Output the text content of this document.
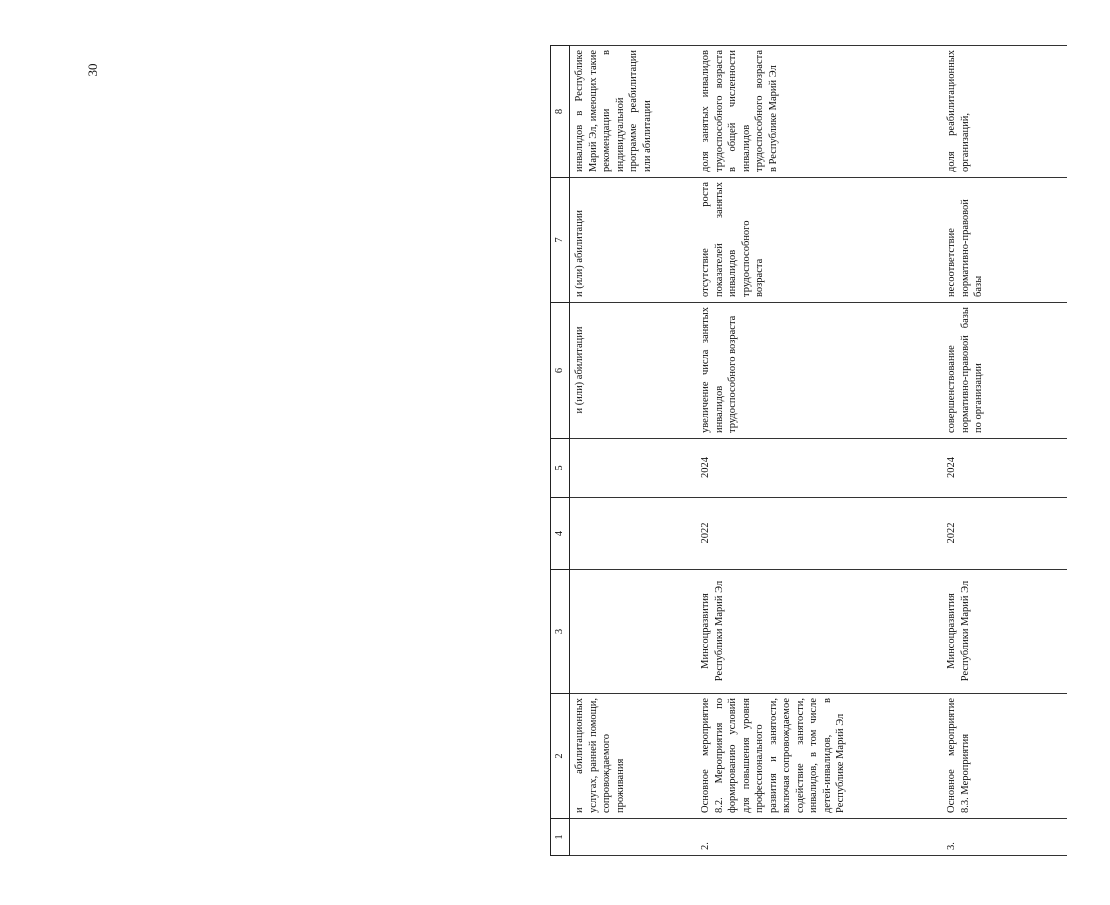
30
1	2	3	4	5	6	7	8
	и абилитационных услугах, ранней помощи, сопровождаемого проживания				и (или) абилитации	и (или) абилитации	инвалидов в Республике Марий Эл, имеющих такие рекомендации в индивидуальной программе реабилитации или абилитации
2.	Основное мероприятие 8.2. Мероприятия по формированию условий для повышения уровня профессионального развития и занятости, включая сопровождаемое содействие занятости, инвалидов, в том числе детей-инвалидов, в Республике Марий Эл	Минсоцразвития Республики Марий Эл	2022	2024	увеличение числа занятых инвалидов трудоспособного возраста	отсутствие роста показателей занятых инвалидов трудоспособного возраста	доля занятых инвалидов трудоспособного возраста в общей численности инвалидов трудоспособного возраста в Республике Марий Эл
3.	Основное мероприятие 8.3. Мероприятия	Минсоцразвития Республики Марий Эл	2022	2024	совершенствование нормативно-правовой базы по организации	несоответствие нормативно-правовой базы	доля реабилитационных организаций,
